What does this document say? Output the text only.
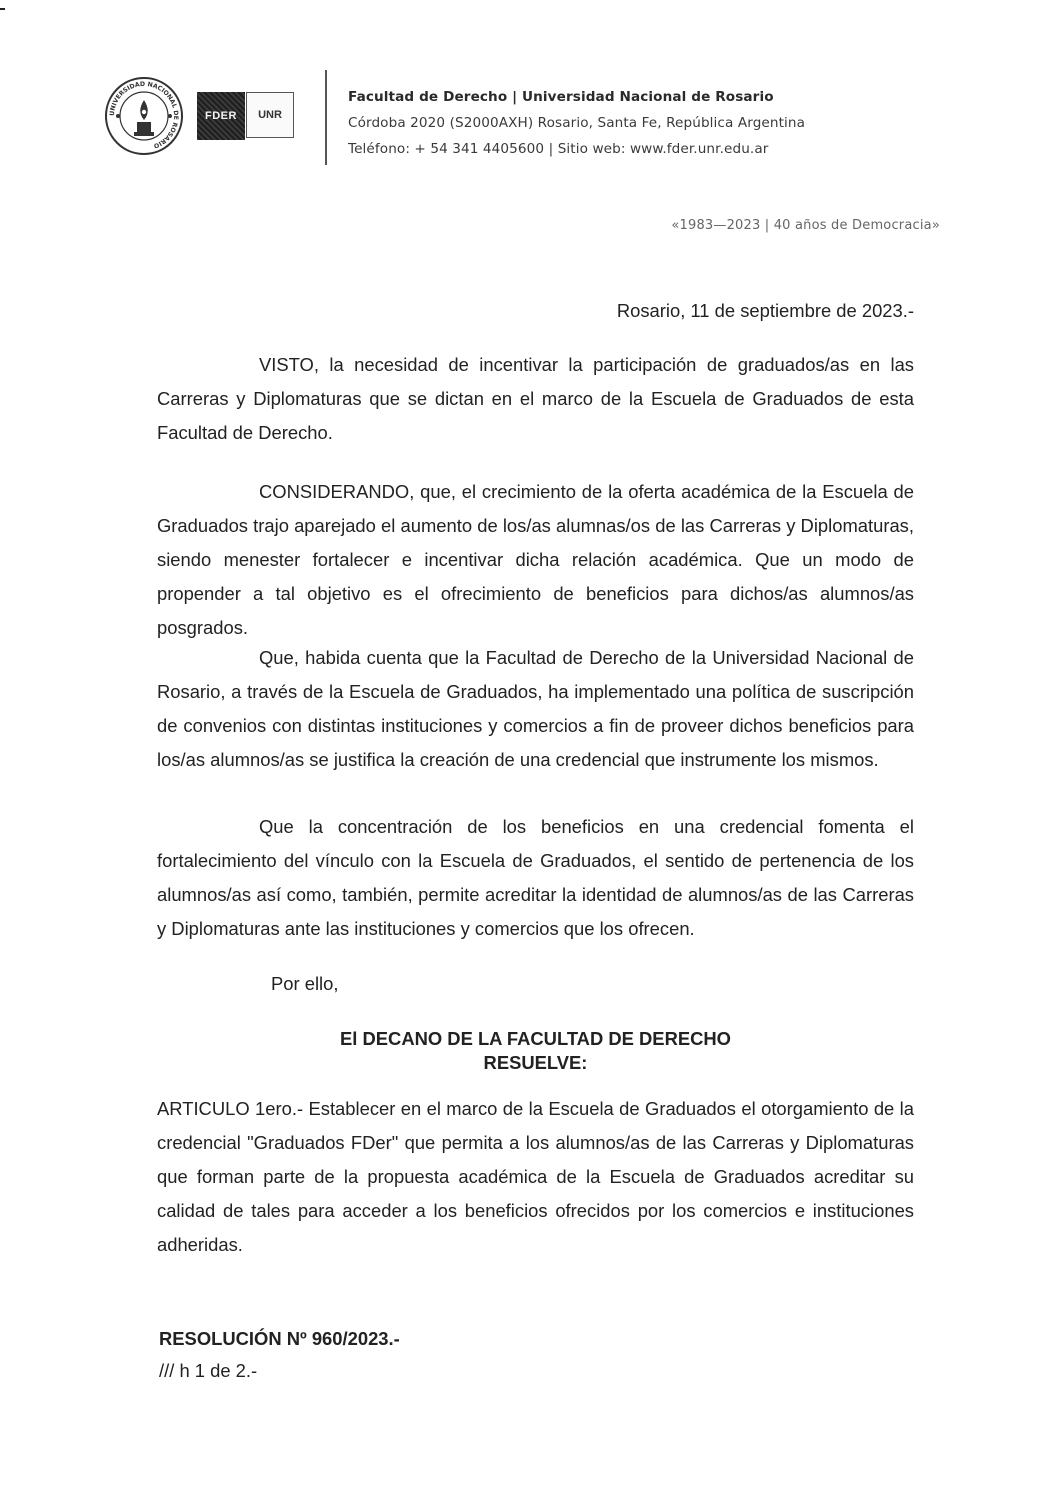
UNIVERSIDAD NACIONAL DE ROSARIO
FDER	UNR
Facultad de Derecho | Universidad Nacional de Rosario
Córdoba 2020 (S2000AXH) Rosario, Santa Fe, República Argentina
Teléfono: + 54 341 4405600 | Sitio web: www.fder.unr.edu.ar
«1983—2023 | 40 años de Democracia»
Rosario, 11 de septiembre de 2023.-

VISTO, la necesidad de incentivar la participación de graduados/as en las Carreras y Diplomaturas que se dictan en el marco de la Escuela de Graduados de esta Facultad de Derecho.

CONSIDERANDO, que, el crecimiento de la oferta académica de la Escuela de Graduados trajo aparejado el aumento de los/as alumnas/os de las Carreras y Diplomaturas, siendo menester fortalecer e incentivar dicha relación académica. Que un modo de propender a tal objetivo es el ofrecimiento de beneficios para dichos/as alumnos/as posgrados.

Que, habida cuenta que la Facultad de Derecho de la Universidad Nacional de Rosario, a través de la Escuela de Graduados, ha implementado una política de suscripción de convenios con distintas instituciones y comercios a fin de proveer dichos beneficios para los/as alumnos/as se justifica la creación de una credencial que instrumente los mismos.

Que la concentración de los beneficios en una credencial fomenta el fortalecimiento del vínculo con la Escuela de Graduados, el sentido de pertenencia de los alumnos/as así como, también, permite acreditar la identidad de alumnos/as de las Carreras y Diplomaturas ante las instituciones y comercios que los ofrecen.

Por ello,
El DECANO DE LA FACULTAD DE DERECHO
RESUELVE:

ARTICULO 1ero.- Establecer en el marco de la Escuela de Graduados el otorgamiento de la credencial "Graduados FDer" que permita a los alumnos/as de las Carreras y Diplomaturas que forman parte de la propuesta académica de la Escuela de Graduados acreditar su calidad de tales para acceder a los beneficios ofrecidos por los comercios e instituciones adheridas.

RESOLUCIÓN Nº 960/2023.-
/// h 1 de 2.-
